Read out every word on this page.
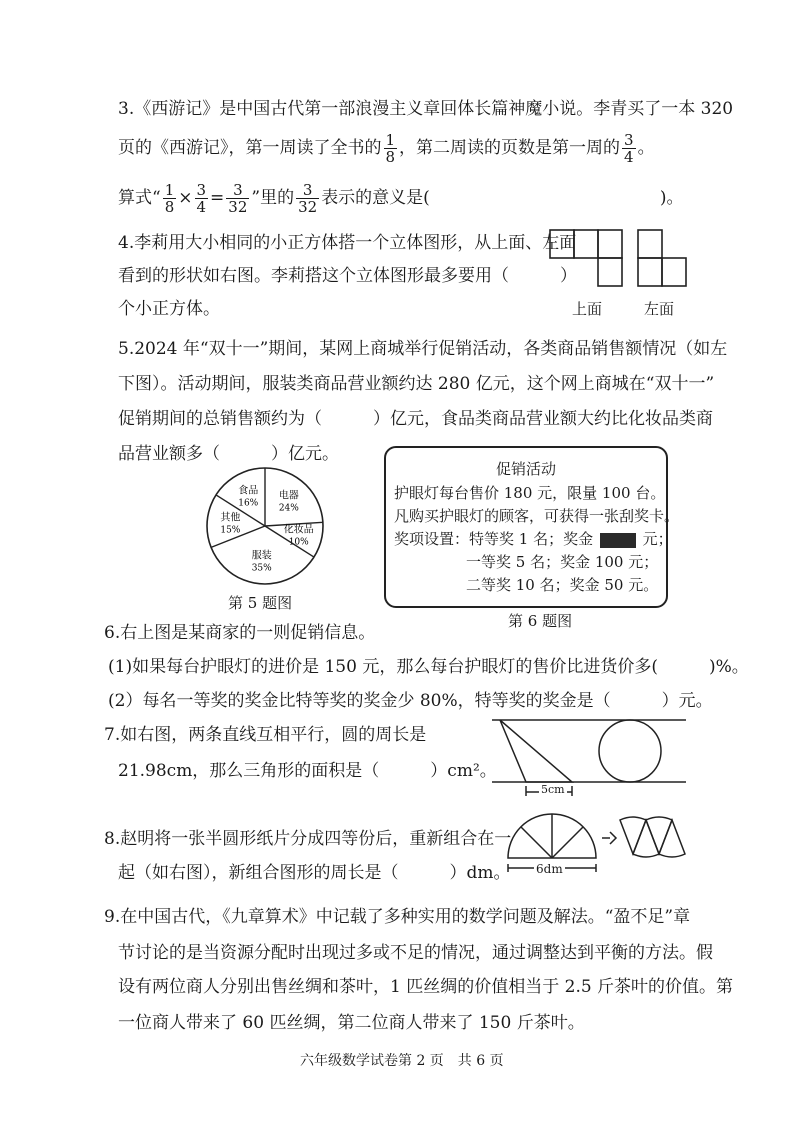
3.《西游记》是中国古代第一部浪漫主义章回体长篇神魔小说。李青买了一本 320
页的《西游记》，第一周读了全书的 $\frac{1}{8}$ ，第二周读的页数是第一周的 $\frac{3}{4}$ 。
算式“ $\frac{1}{8} \times \frac{3}{4} = \frac{3}{32}$ ”里的 $\frac{3}{32}$ 表示的意义是(	)。
4.李莉用大小相同的小正方体搭一个立体图形，从上面、左面
看到的形状如右图。李莉搭这个立体图形最多要用（　　　）
个小正方体。	上面	左面
5.2024 年“双十一”期间，某网上商城举行促销活动，各类商品销售额情况（如左
下图）。活动期间，服装类商品营业额约达 280 亿元，这个网上商城在“双十一”
促销期间的总销售额约为（　　　）亿元，食品类商品营业额大约比化妆品类商
品营业额多（　　　）亿元。
电器
24%
化妆品
10%
服装
35%
其他
15%
食品
16%
第 5 题图
促销活动
护眼灯每台售价 180 元，限量 100 台。
凡购买护眼灯的顾客，可获得一张刮奖卡。
奖项设置：特等奖 1 名；奖金	元；
一等奖 5 名；奖金 100 元；
二等奖 10 名；奖金 50 元。
第 6 题图
6.右上图是某商家的一则促销信息。
(1)如果每台护眼灯的进价是 150 元，那么每台护眼灯的售价比进货价多(　　　)%。
(2）每名一等奖的奖金比特等奖的奖金少 80%，特等奖的奖金是（　　　）元。
7.如右图，两条直线互相平行，圆的周长是
21.98cm，那么三角形的面积是（　　　）cm²。
5cm
8.赵明将一张半圆形纸片分成四等份后，重新组合在一
起（如右图），新组合图形的周长是（　　　）dm。 6dm
9.在中国古代，《九章算术》中记载了多种实用的数学问题及解法。“盈不足”章
节讨论的是当资源分配时出现过多或不足的情况，通过调整达到平衡的方法。假
设有两位商人分别出售丝绸和茶叶，1 匹丝绸的价值相当于 2.5 斤茶叶的价值。第
一位商人带来了 60 匹丝绸，第二位商人带来了 150 斤茶叶。
六年级数学试卷第 2 页　共 6 页
